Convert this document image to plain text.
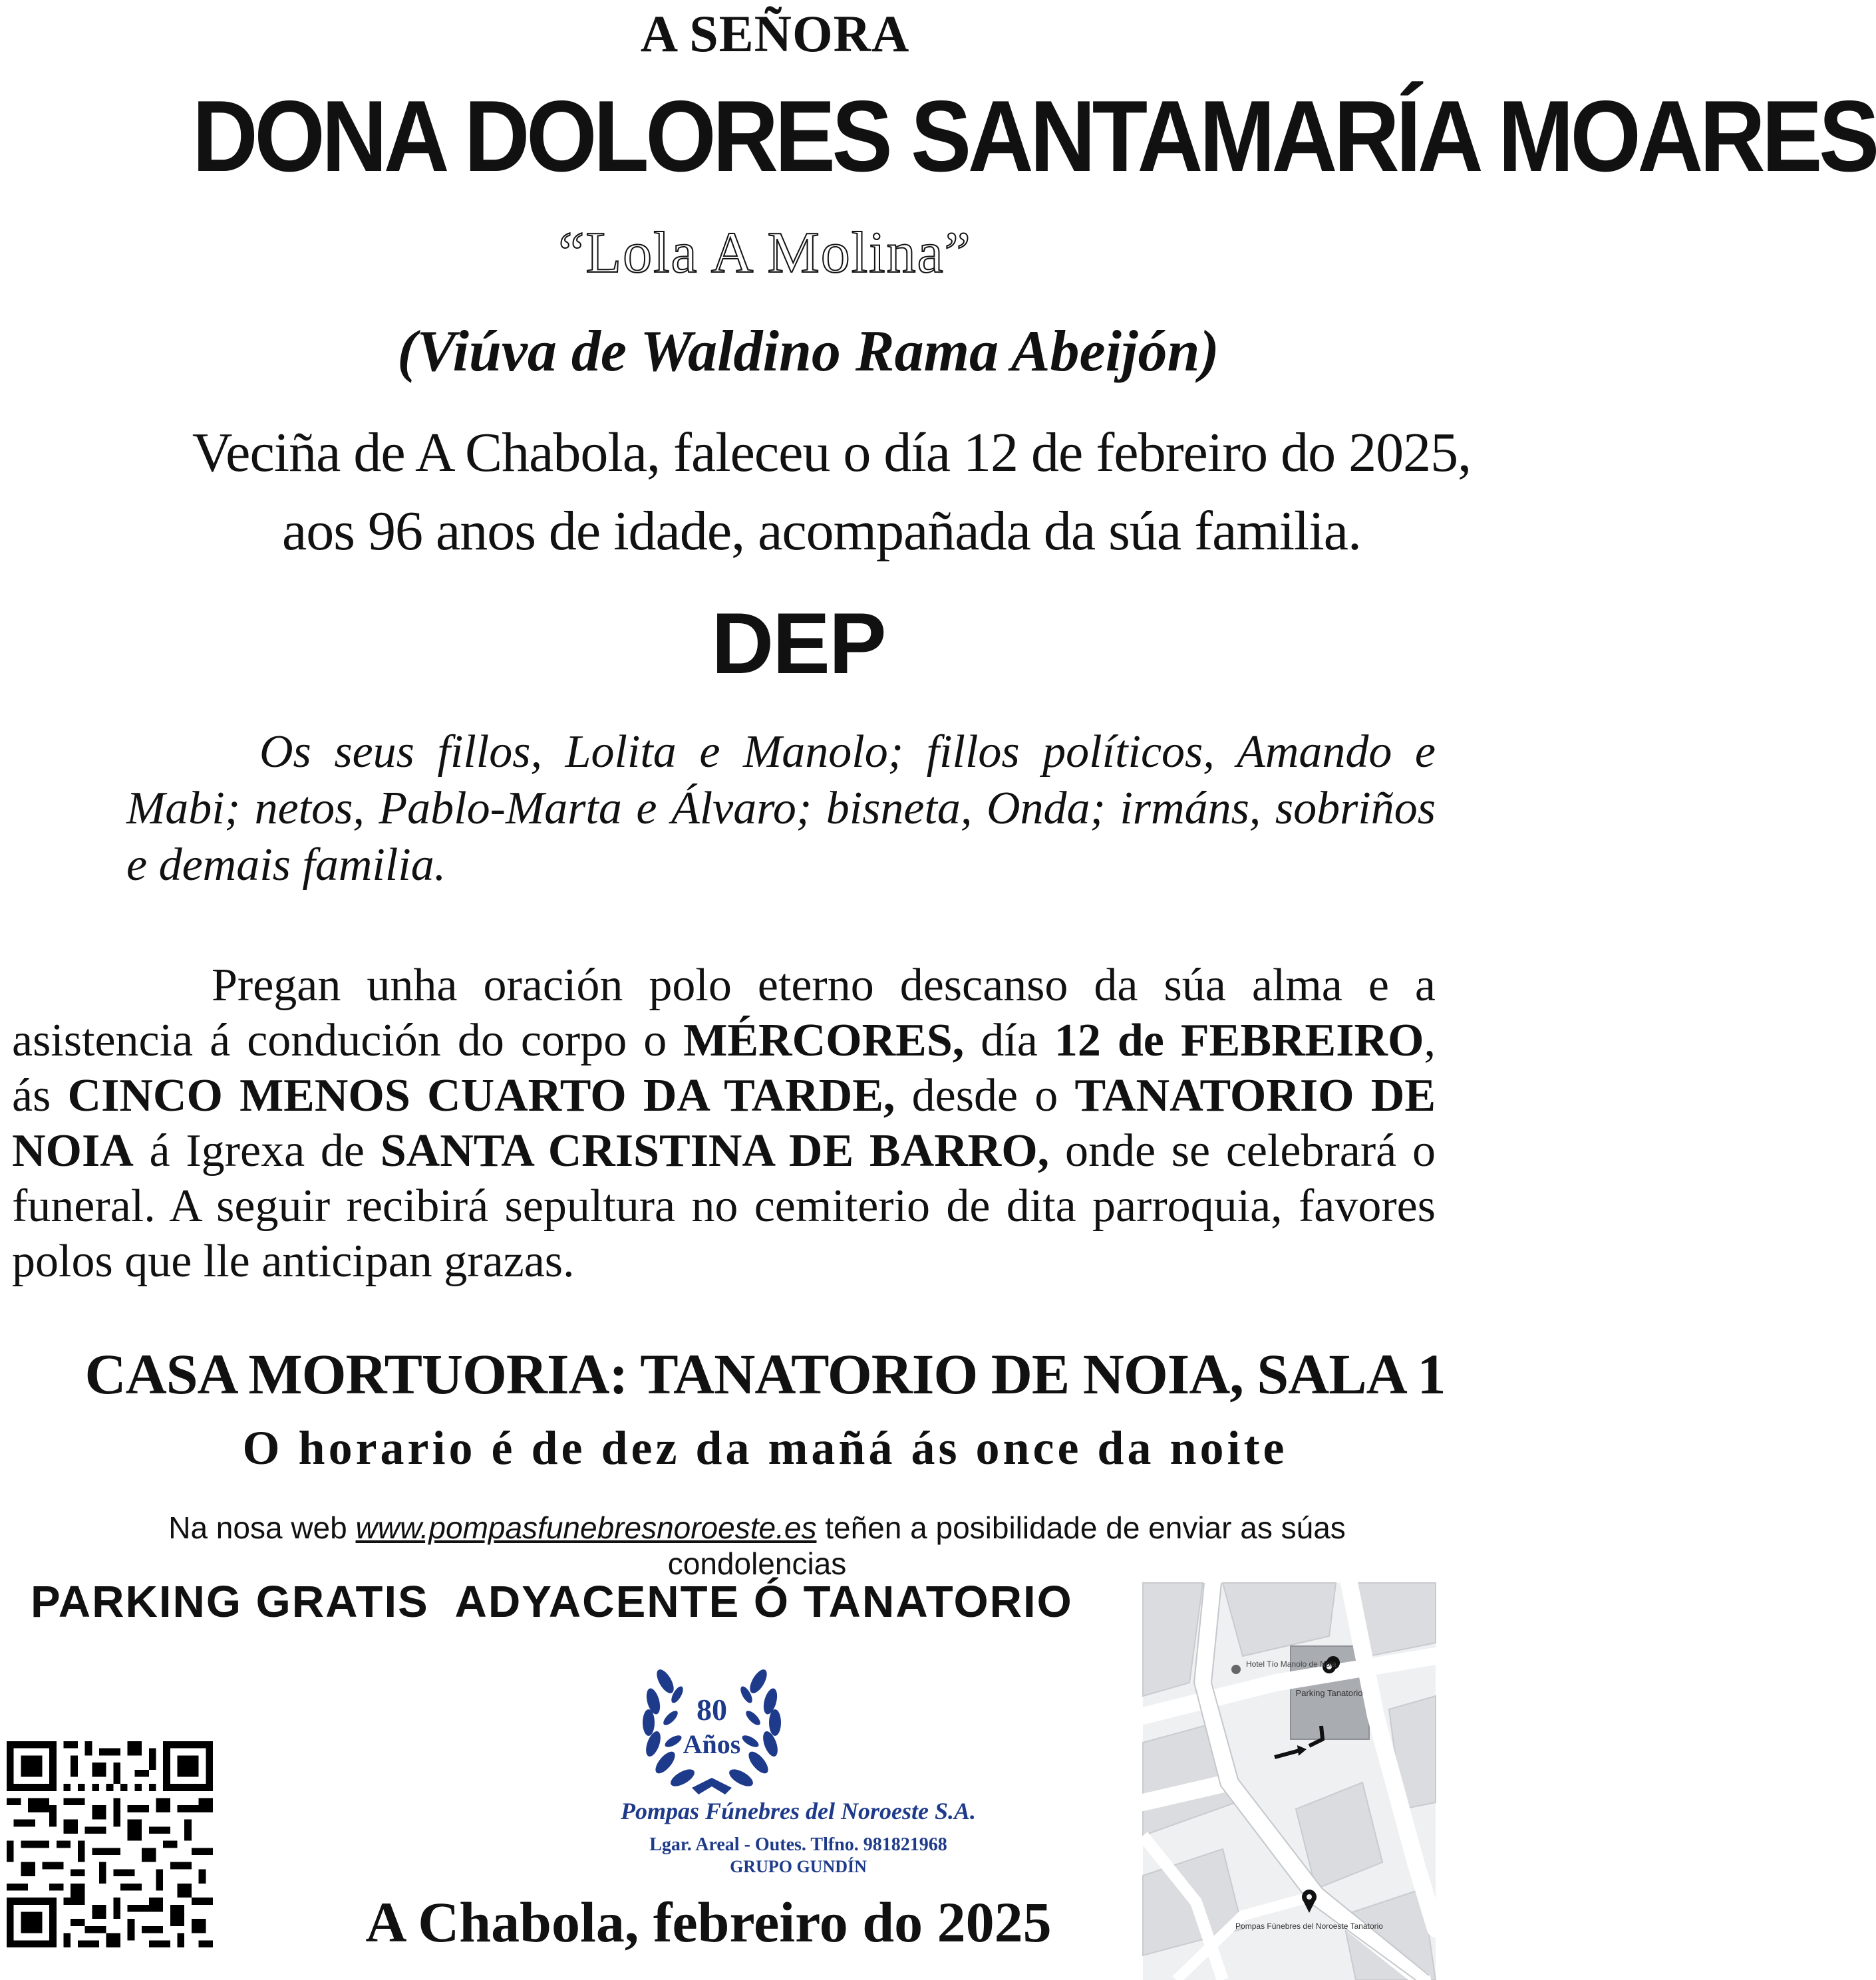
A SEÑORA
DONA DOLORES SANTAMARÍA MOARES
“Lola A Molina”
(Viúva de Waldino Rama Abeijón)
Veciña de A Chabola, faleceu o día 12 de febreiro do 2025,
aos 96 anos de idade, acompañada da súa familia.
DEP
Os seus fillos, Lolita e Manolo; fillos políticos, Amando e Mabi; netos, Pablo-Marta e Álvaro; bisneta, Onda; irmáns, sobriños e demais familia.
Pregan unha oración polo eterno descanso da súa alma e a asistencia á condución do corpo o MÉRCORES, día 12 de FEBREIRO, ás CINCO MENOS CUARTO DA TARDE, desde o TANATORIO DE NOIA á Igrexa de SANTA CRISTINA DE BARRO, onde se celebrará o funeral. A seguir recibirá sepultura no cemiterio de dita parroquia, favores polos que lle anticipan grazas.
CASA MORTUORIA: TANATORIO DE NOIA, SALA 1
O horario é de dez da mañá ás once da noite
Na nosa web www.pompasfunebresnoroeste.es teñen a posibilidade de enviar as súas condolencias
PARKING GRATIS  ADYACENTE Ó TANATORIO
80
Años
Pompas Fúnebres del Noroeste S.A.
Lgar. Areal - Outes. Tlfno. 981821968
GRUPO GUNDÍN
A Chabola, febreiro do 2025
Parking Tanatorio
Hotel Tío Manolo de Noia
Pompas Fúnebres del Noroeste Tanatorio
